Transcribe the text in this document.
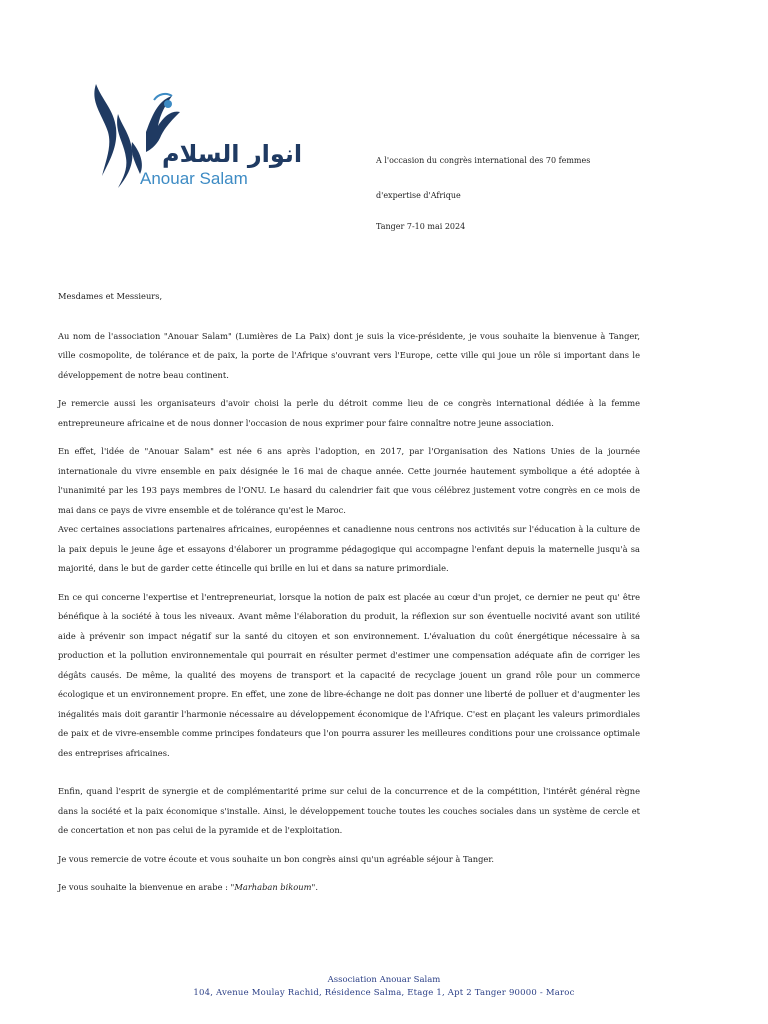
انوار السلام
Anouar Salam
A l'occasion du congrès international des 70 femmes
d'expertise d'Afrique
Tanger 7-10 mai 2024

Mesdames et Messieurs,

Au nom de l'association "Anouar Salam" (Lumières de La Paix) dont je suis la vice-présidente, je vous souhaite la bienvenue à Tanger, ville cosmopolite, de tolérance et de paix, la porte de l'Afrique s'ouvrant vers l'Europe, cette ville qui joue un rôle si important dans le développement de notre beau continent.

Je remercie aussi les organisateurs d'avoir choisi la perle du détroit comme lieu de ce congrès international dédiée à la femme entrepreuneure africaine et de nous donner l'occasion de nous exprimer pour faire connaître notre jeune association.

En effet, l'idée de "Anouar Salam" est née 6 ans après l'adoption, en 2017, par l'Organisation des Nations Unies de la journée internationale du vivre ensemble en paix désignée le 16 mai de chaque année. Cette journée hautement symbolique a été adoptée à l'unanimité par les 193 pays membres de l'ONU. Le hasard du calendrier fait que vous célébrez justement votre congrès en ce mois de mai dans ce pays de vivre ensemble et de tolérance qu'est le Maroc.

Avec certaines associations partenaires africaines, européennes et canadienne nous centrons nos activités sur l'éducation à la culture de la paix depuis le jeune âge et essayons d'élaborer un programme pédagogique qui accompagne l'enfant depuis la maternelle jusqu'à sa majorité, dans le but de garder cette étincelle qui brille en lui et dans sa nature primordiale.

En ce qui concerne l'expertise et l'entrepreneuriat, lorsque la notion de paix est placée au cœur d'un projet, ce dernier ne peut qu' être bénéfique à la société à tous les niveaux. Avant même l'élaboration du produit, la réflexion sur son éventuelle nocivité avant son utilité aide à prévenir son impact négatif sur la santé du citoyen et son environnement. L'évaluation du coût énergétique nécessaire à sa production et la pollution environnementale qui pourrait en résulter permet d'estimer une compensation adéquate afin de corriger les dégâts causés. De même, la qualité des moyens de transport et la capacité de recyclage jouent un grand rôle pour un commerce écologique et un environnement propre. En effet, une zone de libre-échange ne doit pas donner une liberté de polluer et d'augmenter les inégalités mais doit garantir l'harmonie nécessaire au développement économique de l'Afrique. C'est en plaçant les valeurs primordiales de paix et de vivre-ensemble comme principes fondateurs que l'on pourra assurer les meilleures conditions pour une croissance optimale des entreprises africaines.

Enfin, quand l'esprit de synergie et de complémentarité prime sur celui de la concurrence et de la compétition, l'intérêt général règne dans la société et la paix économique s'installe. Ainsi, le développement touche toutes les couches sociales dans un système de cercle et de concertation et non pas celui de la pyramide et de l'exploitation.

Je vous remercie de votre écoute et vous souhaite un bon congrès ainsi qu'un agréable séjour à Tanger.

Je vous souhaite la bienvenue en arabe : "Marhaban bikoum".

Association Anouar Salam
104, Avenue Moulay Rachid, Résidence Salma, Etage 1, Apt 2 Tanger 90000 - Maroc
